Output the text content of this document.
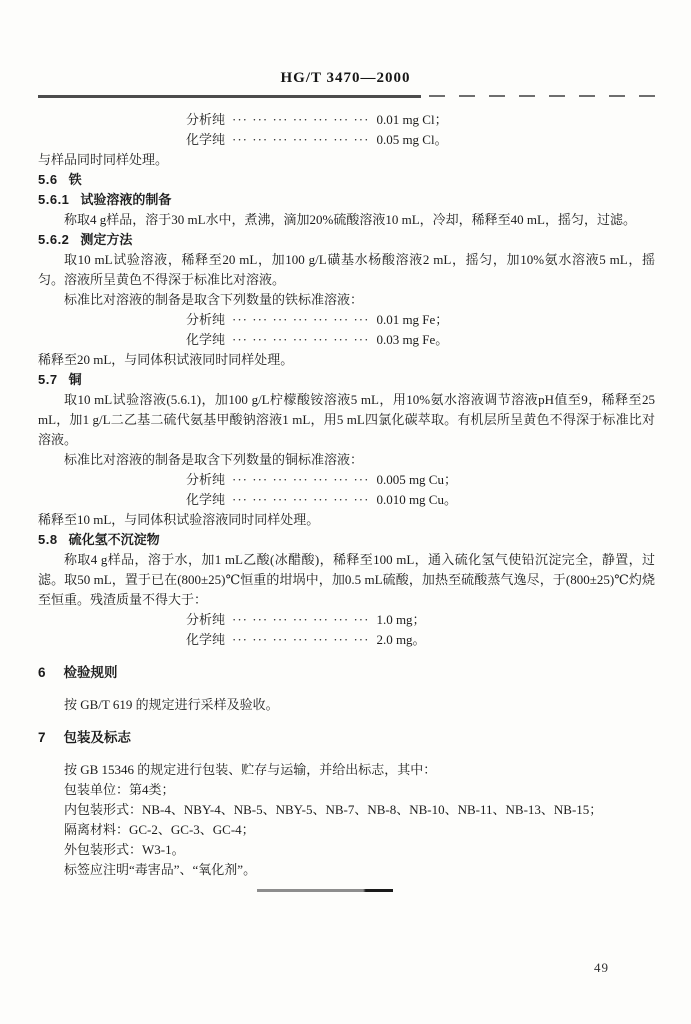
HG/T 3470—2000
分析纯 ··· ··· ··· ··· ··· ··· ··· 0.01 mg Cl；
化学纯 ··· ··· ··· ··· ··· ··· ··· 0.05 mg Cl。
与样品同时同样处理。
5.6 铁
5.6.1 试验溶液的制备
称取4 g样品，溶于30 mL水中，煮沸，滴加20%硫酸溶液10 mL，冷却，稀释至40 mL，摇匀，过滤。
5.6.2 测定方法
取10 mL试验溶液，稀释至20 mL，加100 g/L磺基水杨酸溶液2 mL，摇匀，加10%氨水溶液5 mL，摇匀。溶液所呈黄色不得深于标准比对溶液。
标准比对溶液的制备是取含下列数量的铁标准溶液：
分析纯 ··· ··· ··· ··· ··· ··· ··· 0.01 mg Fe；
化学纯 ··· ··· ··· ··· ··· ··· ··· 0.03 mg Fe。
稀释至20 mL，与同体积试液同时同样处理。
5.7 铜
取10 mL试验溶液(5.6.1)，加100 g/L柠檬酸铵溶液5 mL，用10%氨水溶液调节溶液pH值至9，稀释至25 mL，加1 g/L二乙基二硫代氨基甲酸钠溶液1 mL，用5 mL四氯化碳萃取。有机层所呈黄色不得深于标准比对溶液。
标准比对溶液的制备是取含下列数量的铜标准溶液：
分析纯 ··· ··· ··· ··· ··· ··· ··· 0.005 mg Cu；
化学纯 ··· ··· ··· ··· ··· ··· ··· 0.010 mg Cu。
稀释至10 mL，与同体积试验溶液同时同样处理。
5.8 硫化氢不沉淀物
称取4 g样品，溶于水，加1 mL乙酸(冰醋酸)，稀释至100 mL，通入硫化氢气使铅沉淀完全，静置，过滤。取50 mL，置于已在(800±25)℃恒重的坩埚中，加0.5 mL硫酸，加热至硫酸蒸气逸尽，于(800±25)℃灼烧至恒重。残渣质量不得大于：
分析纯 ··· ··· ··· ··· ··· ··· ··· 1.0 mg；
化学纯 ··· ··· ··· ··· ··· ··· ··· 2.0 mg。
6 检验规则
按 GB/T 619 的规定进行采样及验收。
7 包装及标志
按 GB 15346 的规定进行包装、贮存与运输，并给出标志，其中：
包装单位：第4类；
内包装形式：NB-4、NBY-4、NB-5、NBY-5、NB-7、NB-8、NB-10、NB-11、NB-13、NB-15；
隔离材料：GC-2、GC-3、GC-4；
外包装形式：W3-1。
标签应注明“毒害品”、“氧化剂”。
49
